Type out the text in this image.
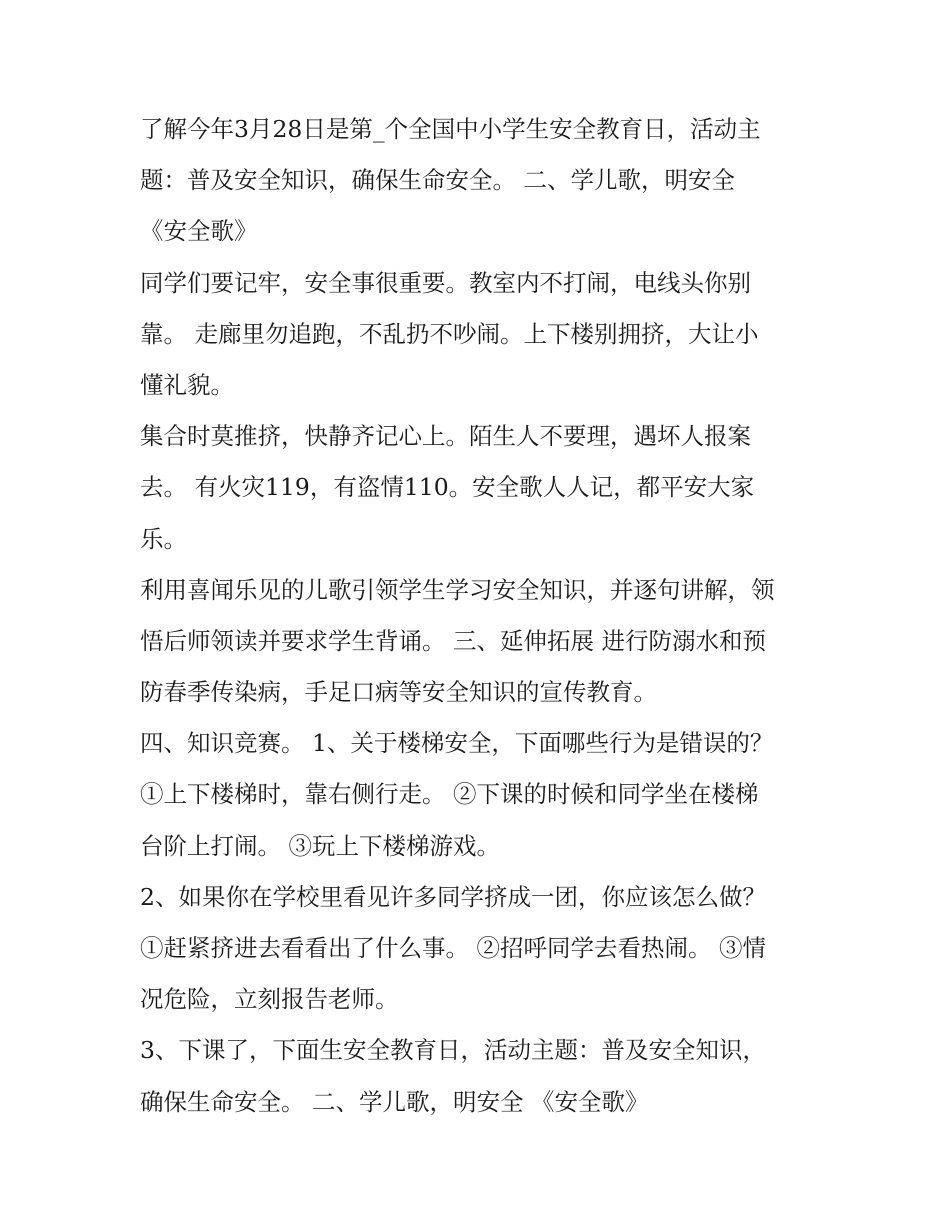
了解今年3月28日是第_个全国中小学生安全教育日，活动主
题：普及安全知识，确保生命安全。 二、学儿歌，明安全
《安全歌》
同学们要记牢，安全事很重要。教室内不打闹，电线头你别
靠。 走廊里勿追跑，不乱扔不吵闹。上下楼别拥挤，大让小
懂礼貌。
集合时莫推挤，快静齐记心上。陌生人不要理，遇坏人报案
去。 有火灾119，有盗情110。安全歌人人记，都平安大家
乐。
利用喜闻乐见的儿歌引领学生学习安全知识，并逐句讲解，领
悟后师领读并要求学生背诵。 三、延伸拓展 进行防溺水和预
防春季传染病，手足口病等安全知识的宣传教育。
四、知识竞赛。 1、关于楼梯安全，下面哪些行为是错误的？
①上下楼梯时，靠右侧行走。 ②下课的时候和同学坐在楼梯
台阶上打闹。 ③玩上下楼梯游戏。
2、如果你在学校里看见许多同学挤成一团，你应该怎么做？
①赶紧挤进去看看出了什么事。 ②招呼同学去看热闹。 ③情
况危险，立刻报告老师。
3、下课了，下面生安全教育日，活动主题：普及安全知识，
确保生命安全。 二、学儿歌，明安全 《安全歌》
